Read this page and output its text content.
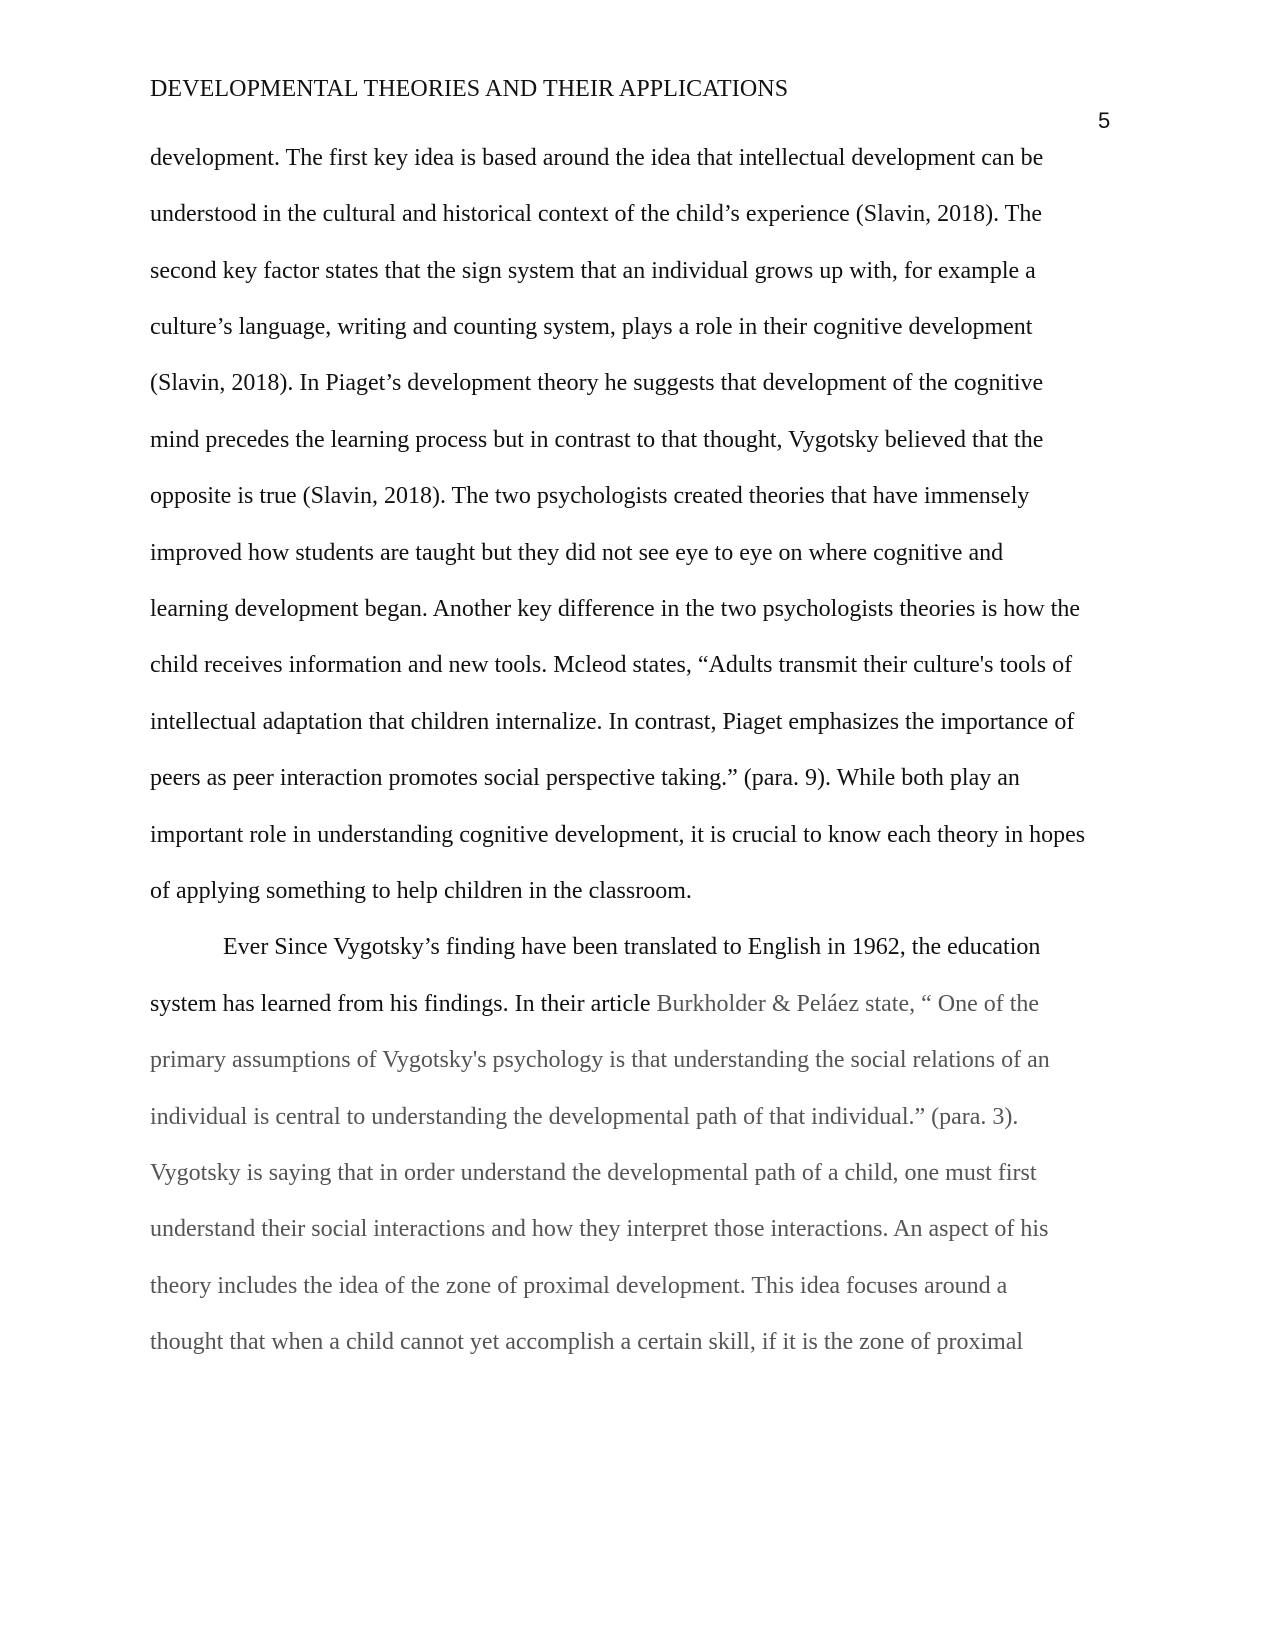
DEVELOPMENTAL THEORIES AND THEIR APPLICATIONS
5
development. The first key idea is based around the idea that intellectual development can be
understood in the cultural and historical context of the child’s experience (Slavin, 2018). The
second key factor states that the sign system that an individual grows up with, for example a
culture’s language, writing and counting system, plays a role in their cognitive development
(Slavin, 2018). In Piaget’s development theory he suggests that development of the cognitive
mind precedes the learning process but in contrast to that thought, Vygotsky believed that the
opposite is true (Slavin, 2018). The two psychologists created theories that have immensely
improved how students are taught but they did not see eye to eye on where cognitive and
learning development began. Another key difference in the two psychologists theories is how the
child receives information and new tools. Mcleod states, “Adults transmit their culture's tools of
intellectual adaptation that children internalize. In contrast, Piaget emphasizes the importance of
peers as peer interaction promotes social perspective taking.” (para. 9). While both play an
important role in understanding cognitive development, it is crucial to know each theory in hopes
of applying something to help children in the classroom.
Ever Since Vygotsky’s finding have been translated to English in 1962, the education
system has learned from his findings. In their article Burkholder & Peláez state, “ One of the
primary assumptions of Vygotsky's psychology is that understanding the social relations of an
individual is central to understanding the developmental path of that individual.” (para. 3).
Vygotsky is saying that in order understand the developmental path of a child, one must first
understand their social interactions and how they interpret those interactions. An aspect of his
theory includes the idea of the zone of proximal development. This idea focuses around a
thought that when a child cannot yet accomplish a certain skill, if it is the zone of proximal
